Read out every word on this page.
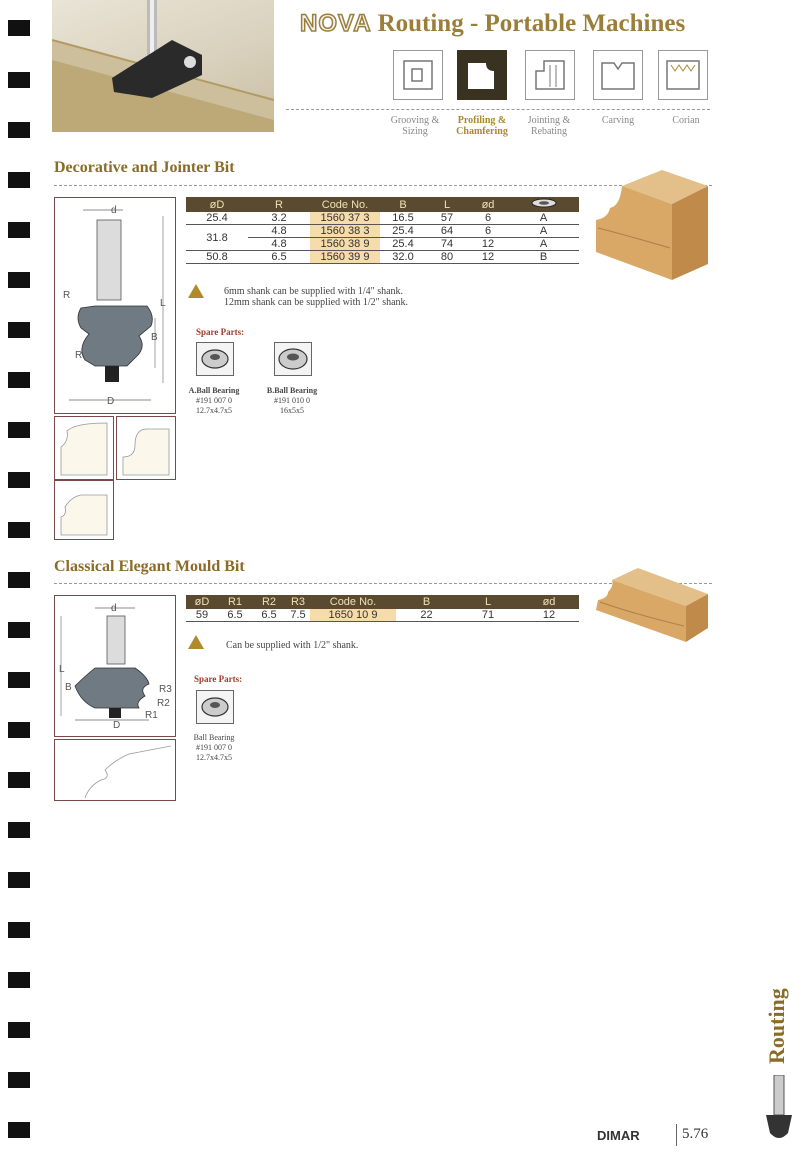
NOVA Routing - Portable Machines
Grooving & Sizing
Profiling & Chamfering
Jointing & Rebating
Carving	Corian
Decorative and Jointer Bit
d
L
R
R
B
D
øD	R	Code No.	B	L	ød	
25.4	3.2	1560 37 3	16.5	57	6	A
31.8	4.8	1560 38 3	25.4	64	6	A
	4.8	1560 38 9	25.4	74	12	A
50.8	6.5	1560 39 9	32.0	80	12	B
6mm shank can be supplied with 1/4" shank.
12mm shank can be supplied with 1/2" shank.
Spare Parts:
A.Ball Bearing
#191 007 0
12.7x4.7x5
B.Ball Bearing
#191 010 0
16x5x5
Classical Elegant Mould Bit
d
L
B	R3
R2
R1
D
øD	R1	R2	R3	Code No.	B	L	ød
59	6.5	6.5	7.5	1650 10 9	22	71	12
Can be supplied with 1/2" shank.
Spare Parts:
Ball Bearing
#191 007 0
12.7x4.7x5
Routing
DIMAR	5.76
